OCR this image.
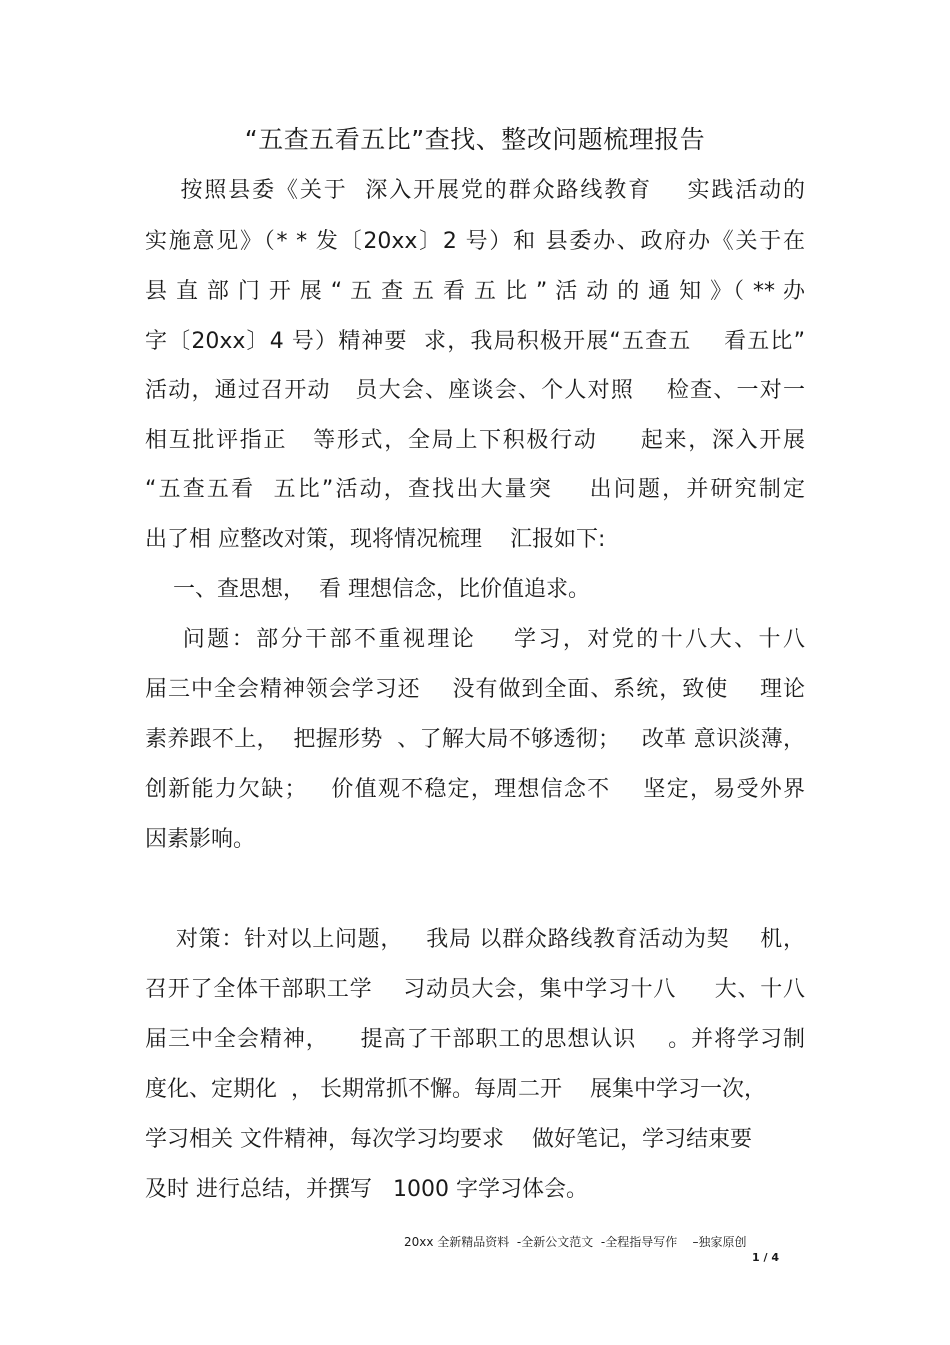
“五查五看五比”查找、整改问题梳理报告
按照县委《关于  深入开展党的群众路线教育    实践活动的
实施意见》（* * 发〔20xx〕2 号）和 县委办、政府办《关于在
县 直 部 门 开 展 “ 五 查 五 看 五 比 ” 活 动 的 通 知 》（ ** 办
字〔20xx〕4 号）精神要  求，我局积极开展“五查五    看五比”
活动，通过召开动   员大会、座谈会、个人对照    检查、一对一
相互批评指正   等形式，全局上下积极行动     起来，深入开展
“五查五看  五比”活动，查找出大量突    出问题，并研究制定
出了相 应整改对策，现将情况梳理    汇报如下:
一、查思想，  看 理想信念，比价值追求。
问题：部分干部不重视理论    学习，对党的十八大、十八
届三中全会精神领会学习还    没有做到全面、系统，致使    理论
素养跟不上，  把握形势  、了解大局不够透彻；   改革 意识淡薄，
创新能力欠缺；   价值观不稳定，理想信念不    坚定，易受外界
因素影响。
对策：针对以上问题，   我局 以群众路线教育活动为契    机，
召开了全体干部职工学    习动员大会，集中学习十八     大、十八
届三中全会精神，    提高了干部职工的思想认识    。并将学习制
度化、定期化  ， 长期常抓不懈。每周二开    展集中学习一次，
学习相关 文件精神，每次学习均要求    做好笔记，学习结束要
及时 进行总结，并撰写   1000 字学习体会。
20xx 全新精品资料  -全新公文范文  -全程指导写作    –独家原创
1 / 4
